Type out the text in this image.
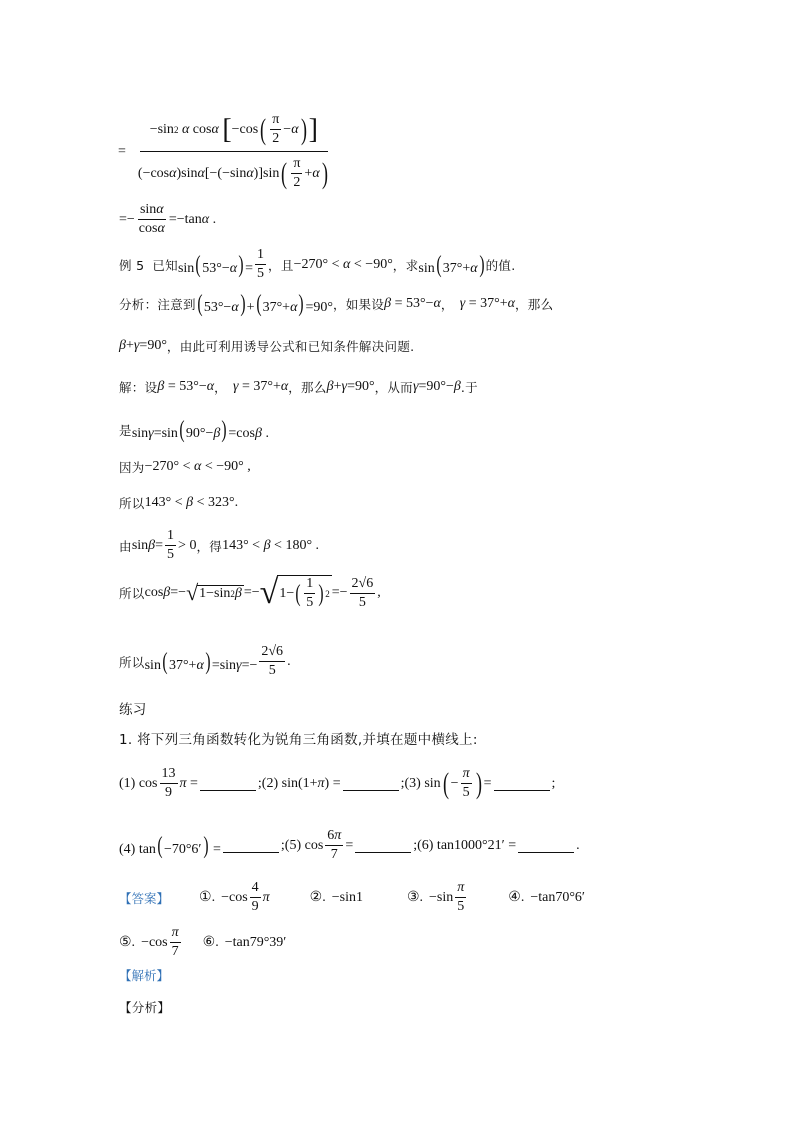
= −sin 2
α cos α
[ −cos ( $\frac{\pi}{2} - \alpha$ ) ]
(−cos α )sin α [−(−sin α )]sin ( $\frac{\pi}{2} + \alpha$ )
=− $\frac{\sin\alpha}{\cos\alpha} =-\tan\alpha$ .
例 5 已知 $\sin(53^\circ-\alpha)= \frac{1}{5}$ ，且 −270° < α < −90° ，求 sin(37°+α) 的值.
分析： 注意到 (53°−α)+(37°+α)=90° ，如果设 β = 53°−α ， γ = 37°+α ，那么
β+γ=90° ，由此可利用诱导公式和已知条件解决问题.
解： 设 β = 53°−α ， γ = 37°+α ，那么 β+γ=90° ，从而 γ=90°−β .于
是 sinγ=sin(90°−β)=cosβ .
因为 −270° < α < −90° ,
所以 143° < β < 323°.
由 $\sin\beta= \frac{1}{5} > 0$ ，得 143° < β < 180° .
所以 cosβ=− √ 1−sin 2 β =− √ 1− ( $\frac{1}{5}$ ) $2 =- \frac{2√6}{5}$ ,
所以 $\sin(37^\circ+\alpha)=\sin\gamma=- \frac{2√6}{5}$ .
练习
1. 将下列三角函数转化为锐角三角函数,并填在题中横线上:
(1) $\cos \frac{13}{9}$ π =	;(2) sin(1+π) =	;(3) sin ( − $\frac{\pi}{5}$ ) =	;
(4) tan(−70°6′) =	;(5) $\cos \frac{6\pi}{7}$ =	;(6) tan1000°21′ =	.
【答案】 ①. $-\cos \frac{4}{9}$ π	②. −sin1	③. $-\sin \frac{\pi}{5}$	④. −tan70°6′
⑤. $-\cos \frac{\pi}{7}$ ⑥. −tan79°39′
【解析】
【分析】
